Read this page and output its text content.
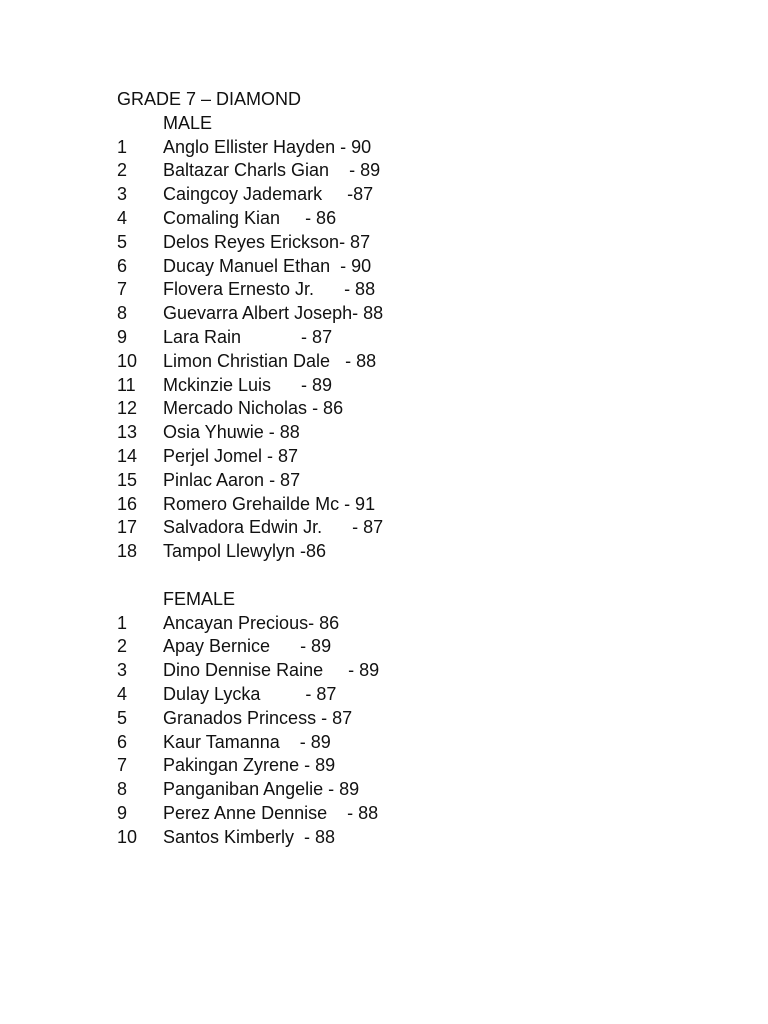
GRADE 7 – DIAMOND
MALE
1	Anglo Ellister Hayden - 90
2	Baltazar Charls Gian    - 89
3	Caingcoy Jademark     -87
4	Comaling Kian     - 86
5	Delos Reyes Erickson- 87
6	Ducay Manuel Ethan  - 90
7	Flovera Ernesto Jr.      - 88
8	Guevarra Albert Joseph- 88
9	Lara Rain            - 87
10	Limon Christian Dale   - 88
11	Mckinzie Luis      - 89
12	Mercado Nicholas - 86
13	Osia Yhuwie - 88
14	Perjel Jomel - 87
15	Pinlac Aaron - 87
16	Romero Grehailde Mc - 91
17	Salvadora Edwin Jr.      - 87
18	Tampol Llewylyn -86
FEMALE
1	Ancayan Precious- 86
2	Apay Bernice      - 89
3	Dino Dennise Raine     - 89
4	Dulay Lycka         - 87
5	Granados Princess - 87
6	Kaur Tamanna    - 89
7	Pakingan Zyrene - 89
8	Panganiban Angelie - 89
9	Perez Anne Dennise    - 88
10	Santos Kimberly  - 88
